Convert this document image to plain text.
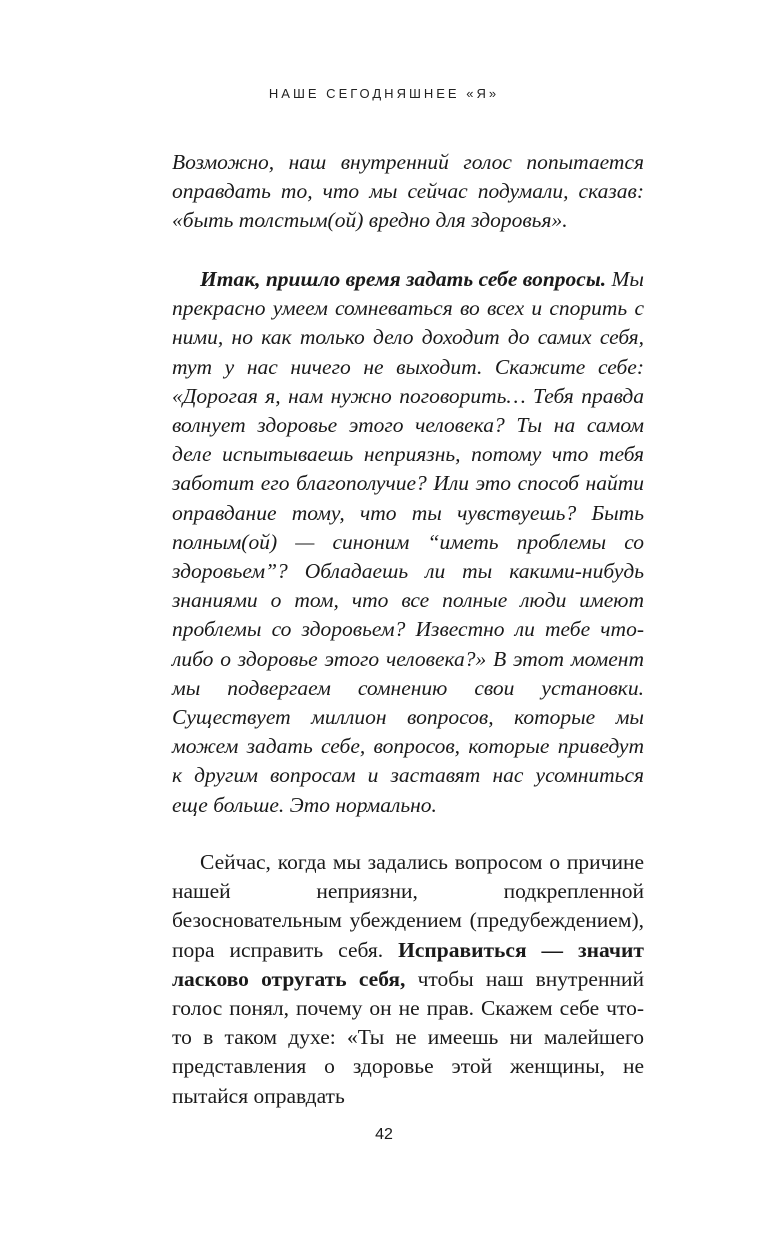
НАШЕ СЕГОДНЯШНЕЕ «Я»

Возможно, наш внутренний голос попытается оправдать то, что мы сейчас подумали, сказав: «быть толстым(ой) вредно для здоровья».

Итак, пришло время задать себе вопросы. Мы прекрасно умеем сомневаться во всех и спорить с ними, но как только дело доходит до самих себя, тут у нас ничего не выходит. Скажите себе: «Дорогая я, нам нужно поговорить… Тебя правда волнует здоровье этого человека? Ты на самом деле испытываешь неприязнь, потому что тебя заботит его благополучие? Или это способ найти оправдание тому, что ты чувствуешь? Быть полным(ой) — синоним “иметь проблемы со здоровьем”? Обладаешь ли ты какими-нибудь знаниями о том, что все полные люди имеют проблемы со здоровьем? Известно ли тебе что-либо о здоровье этого человека?» В этот момент мы подвергаем сомнению свои установки. Существует миллион вопросов, которые мы можем задать себе, вопросов, которые приведут к другим вопросам и заставят нас усомниться еще больше. Это нормально.

Сейчас, когда мы задались вопросом о причине нашей неприязни, подкрепленной безосновательным убеждением (предубеждением), пора исправить себя. Исправиться — значит ласково отругать себя, чтобы наш внутренний голос понял, почему он не прав. Скажем себе что-то в таком духе: «Ты не имеешь ни малейшего представления о здоровье этой женщины, не пытайся оправдать

42
